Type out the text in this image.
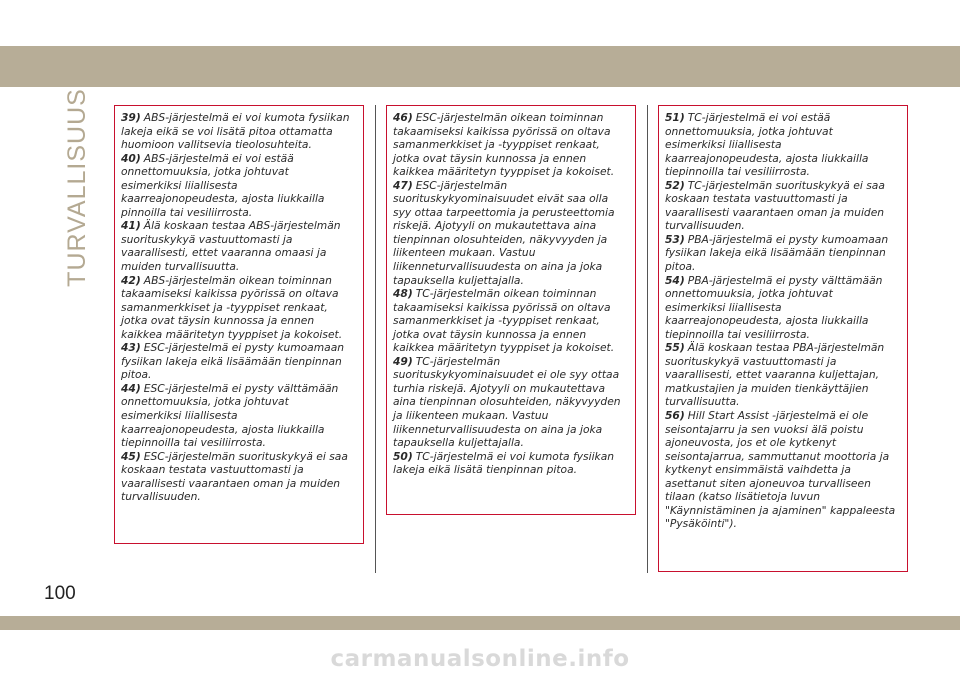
TURVALLISUUS	39) ABS-järjestelmä ei voi kumota fysiikan
lakeja eikä se voi lisätä pitoa ottamatta
huomioon vallitsevia tieolosuhteita.

40) ABS-järjestelmä ei voi estää
onnettomuuksia, jotka johtuvat
esimerkiksi liiallisesta
kaarreajonopeudesta, ajosta liukkailla
pinnoilla tai vesiliirrosta.

41) Älä koskaan testaa ABS-järjestelmän
suorituskykyä vastuuttomasti ja
vaarallisesti, ettet vaaranna omaasi ja
muiden turvallisuutta.

42) ABS-järjestelmän oikean toiminnan
takaamiseksi kaikissa pyörissä on oltava
samanmerkkiset ja -tyyppiset renkaat,
jotka ovat täysin kunnossa ja ennen
kaikkea määritetyn tyyppiset ja kokoiset.

43) ESC-järjestelmä ei pysty kumoamaan
fysiikan lakeja eikä lisäämään tienpinnan
pitoa.

44) ESC-järjestelmä ei pysty välttämään
onnettomuuksia, jotka johtuvat
esimerkiksi liiallisesta
kaarreajonopeudesta, ajosta liukkailla
tiepinnoilla tai vesiliirrosta.

45) ESC-järjestelmän suorituskykyä ei saa
koskaan testata vastuuttomasti ja
vaarallisesti vaarantaen oman ja muiden
turvallisuuden.

46) ESC-järjestelmän oikean toiminnan
takaamiseksi kaikissa pyörissä on oltava
samanmerkkiset ja -tyyppiset renkaat,
jotka ovat täysin kunnossa ja ennen
kaikkea määritetyn tyyppiset ja kokoiset.

47) ESC-järjestelmän
suorituskykyominaisuudet eivät saa olla
syy ottaa tarpeettomia ja perusteettomia
riskejä. Ajotyyli on mukautettava aina
tienpinnan olosuhteiden, näkyvyyden ja
liikenteen mukaan. Vastuu
liikenneturvallisuudesta on aina ja joka
tapauksella kuljettajalla.

48) TC-järjestelmän oikean toiminnan
takaamiseksi kaikissa pyörissä on oltava
samanmerkkiset ja -tyyppiset renkaat,
jotka ovat täysin kunnossa ja ennen
kaikkea määritetyn tyyppiset ja kokoiset.

49) TC-järjestelmän
suorituskykyominaisuudet ei ole syy ottaa
turhia riskejä. Ajotyyli on mukautettava
aina tienpinnan olosuhteiden, näkyvyyden
ja liikenteen mukaan. Vastuu
liikenneturvallisuudesta on aina ja joka
tapauksella kuljettajalla.

50) TC-järjestelmä ei voi kumota fysiikan
lakeja eikä lisätä tienpinnan pitoa.

51) TC-järjestelmä ei voi estää
onnettomuuksia, jotka johtuvat
esimerkiksi liiallisesta
kaarreajonopeudesta, ajosta liukkailla
tiepinnoilla tai vesiliirrosta.

52) TC-järjestelmän suorituskykyä ei saa
koskaan testata vastuuttomasti ja
vaarallisesti vaarantaen oman ja muiden
turvallisuuden.

53) PBA-järjestelmä ei pysty kumoamaan
fysiikan lakeja eikä lisäämään tienpinnan
pitoa.

54) PBA-järjestelmä ei pysty välttämään
onnettomuuksia, jotka johtuvat
esimerkiksi liiallisesta
kaarreajonopeudesta, ajosta liukkailla
tiepinnoilla tai vesiliirrosta.

55) Älä koskaan testaa PBA-järjestelmän
suorituskykyä vastuuttomasti ja
vaarallisesti, ettet vaaranna kuljettajan,
matkustajien ja muiden tienkäyttäjien
turvallisuutta.

56) Hill Start Assist -järjestelmä ei ole
seisontajarru ja sen vuoksi älä poistu
ajoneuvosta, jos et ole kytkenyt
seisontajarrua, sammuttanut moottoria ja
kytkenyt ensimmäistä vaihdetta ja
asettanut siten ajoneuvoa turvalliseen
tilaan (katso lisätietoja luvun
"Käynnistäminen ja ajaminen" kappaleesta
"Pysäköinti").

100
carmanualsonline.info
